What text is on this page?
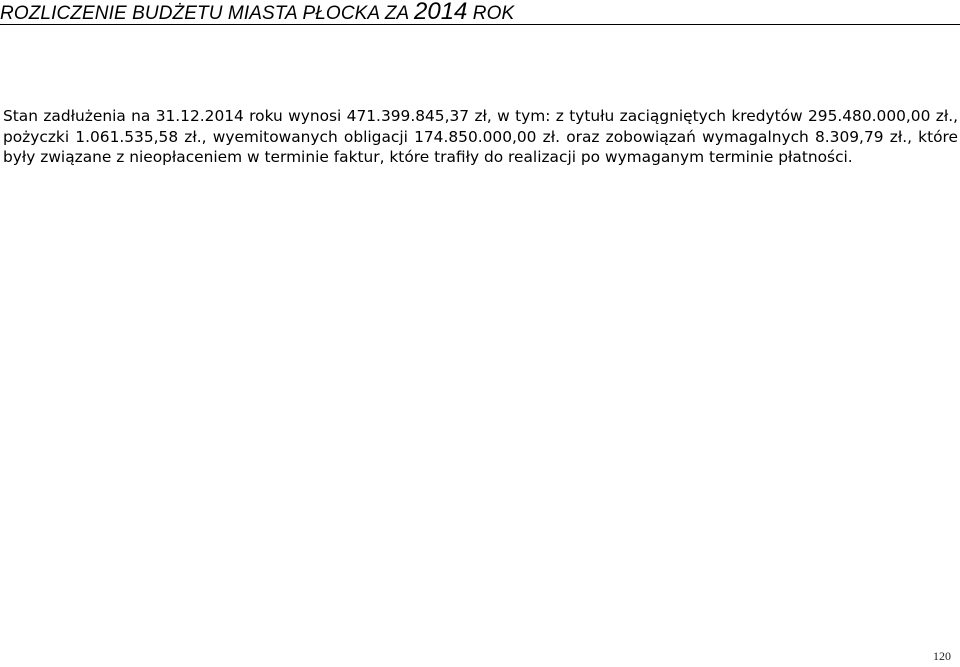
ROZLICZENIE BUDŻETU MIASTA PŁOCKA ZA 2014 ROK

Stan zadłużenia na 31.12.2014 roku wynosi 471.399.845,37 zł, w tym: z tytułu zaciągniętych kredytów 295.480.000,00 zł., pożyczki 1.061.535,58 zł., wyemitowanych obligacji 174.850.000,00 zł. oraz zobowiązań wymagalnych 8.309,79 zł., które były związane z nieopłaceniem w terminie faktur, które trafiły do realizacji po wymaganym terminie płatności.

120
